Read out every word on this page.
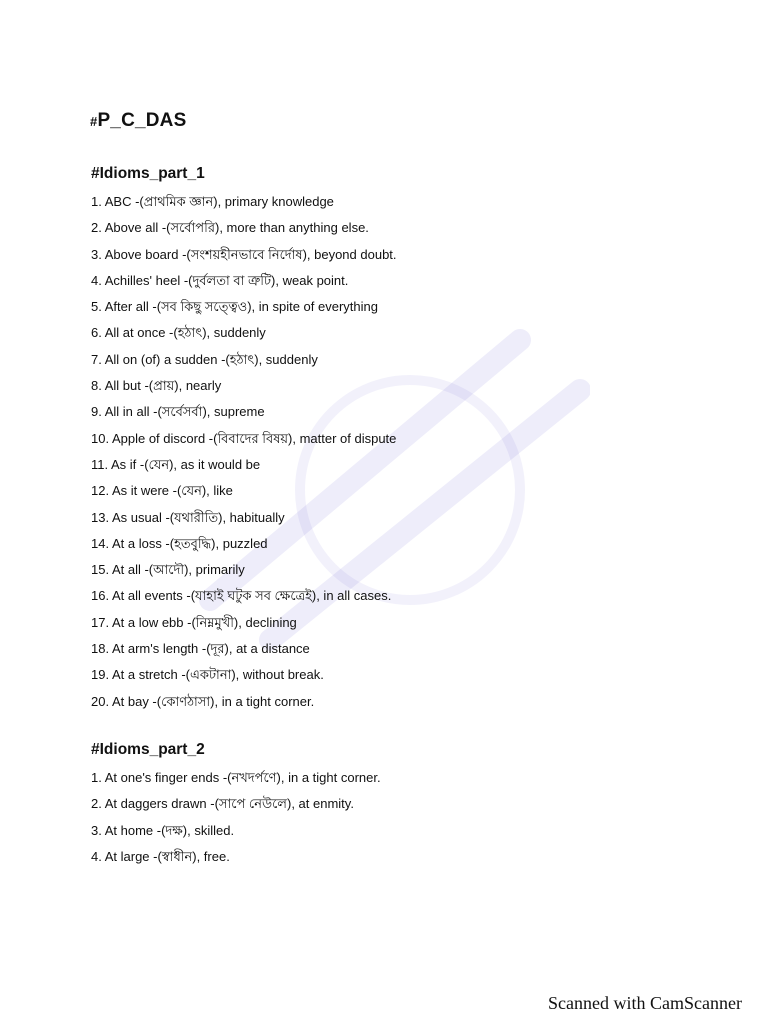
#P_C_DAS
#Idioms_part_1
1. ABC -(প্রাথমিক জ্ঞান), primary knowledge
2. Above all -(সর্বোপরি), more than anything else.
3. Above board -(সংশয়হীনভাবে নির্দোষ), beyond doubt.
4. Achilles' heel -(দুর্বলতা বা ত্রুটি), weak point.
5. After all -(সব কিছু সত্ত্বেও), in spite of everything
6. All at once -(হঠাৎ), suddenly
7. All on (of) a sudden -(হঠাৎ), suddenly
8. All but -(প্রায়), nearly
9. All in all -(সর্বেসর্বা), supreme
10. Apple of discord -(বিবাদের বিষয়), matter of dispute
11. As if -(যেন), as it would be
12. As it were -(যেন), like
13. As usual -(যথারীতি), habitually
14. At a loss -(হতবুদ্ধি), puzzled
15. At all -(আদৌ), primarily
16. At all events -(যাহাই ঘটুক সব ক্ষেত্রেই), in all cases.
17. At a low ebb -(নিম্নমুখী), declining
18. At arm's length -(দূর), at a distance
19. At a stretch -(একটানা), without break.
20. At bay -(কোণঠাসা), in a tight corner.
#Idioms_part_2
1. At one's finger ends -(নখদর্পণে), in a tight corner.
2. At daggers drawn -(সাপে নেউলে), at enmity.
3. At home -(দক্ষ), skilled.
4. At large -(স্বাধীন), free.
Scanned with CamScanner
